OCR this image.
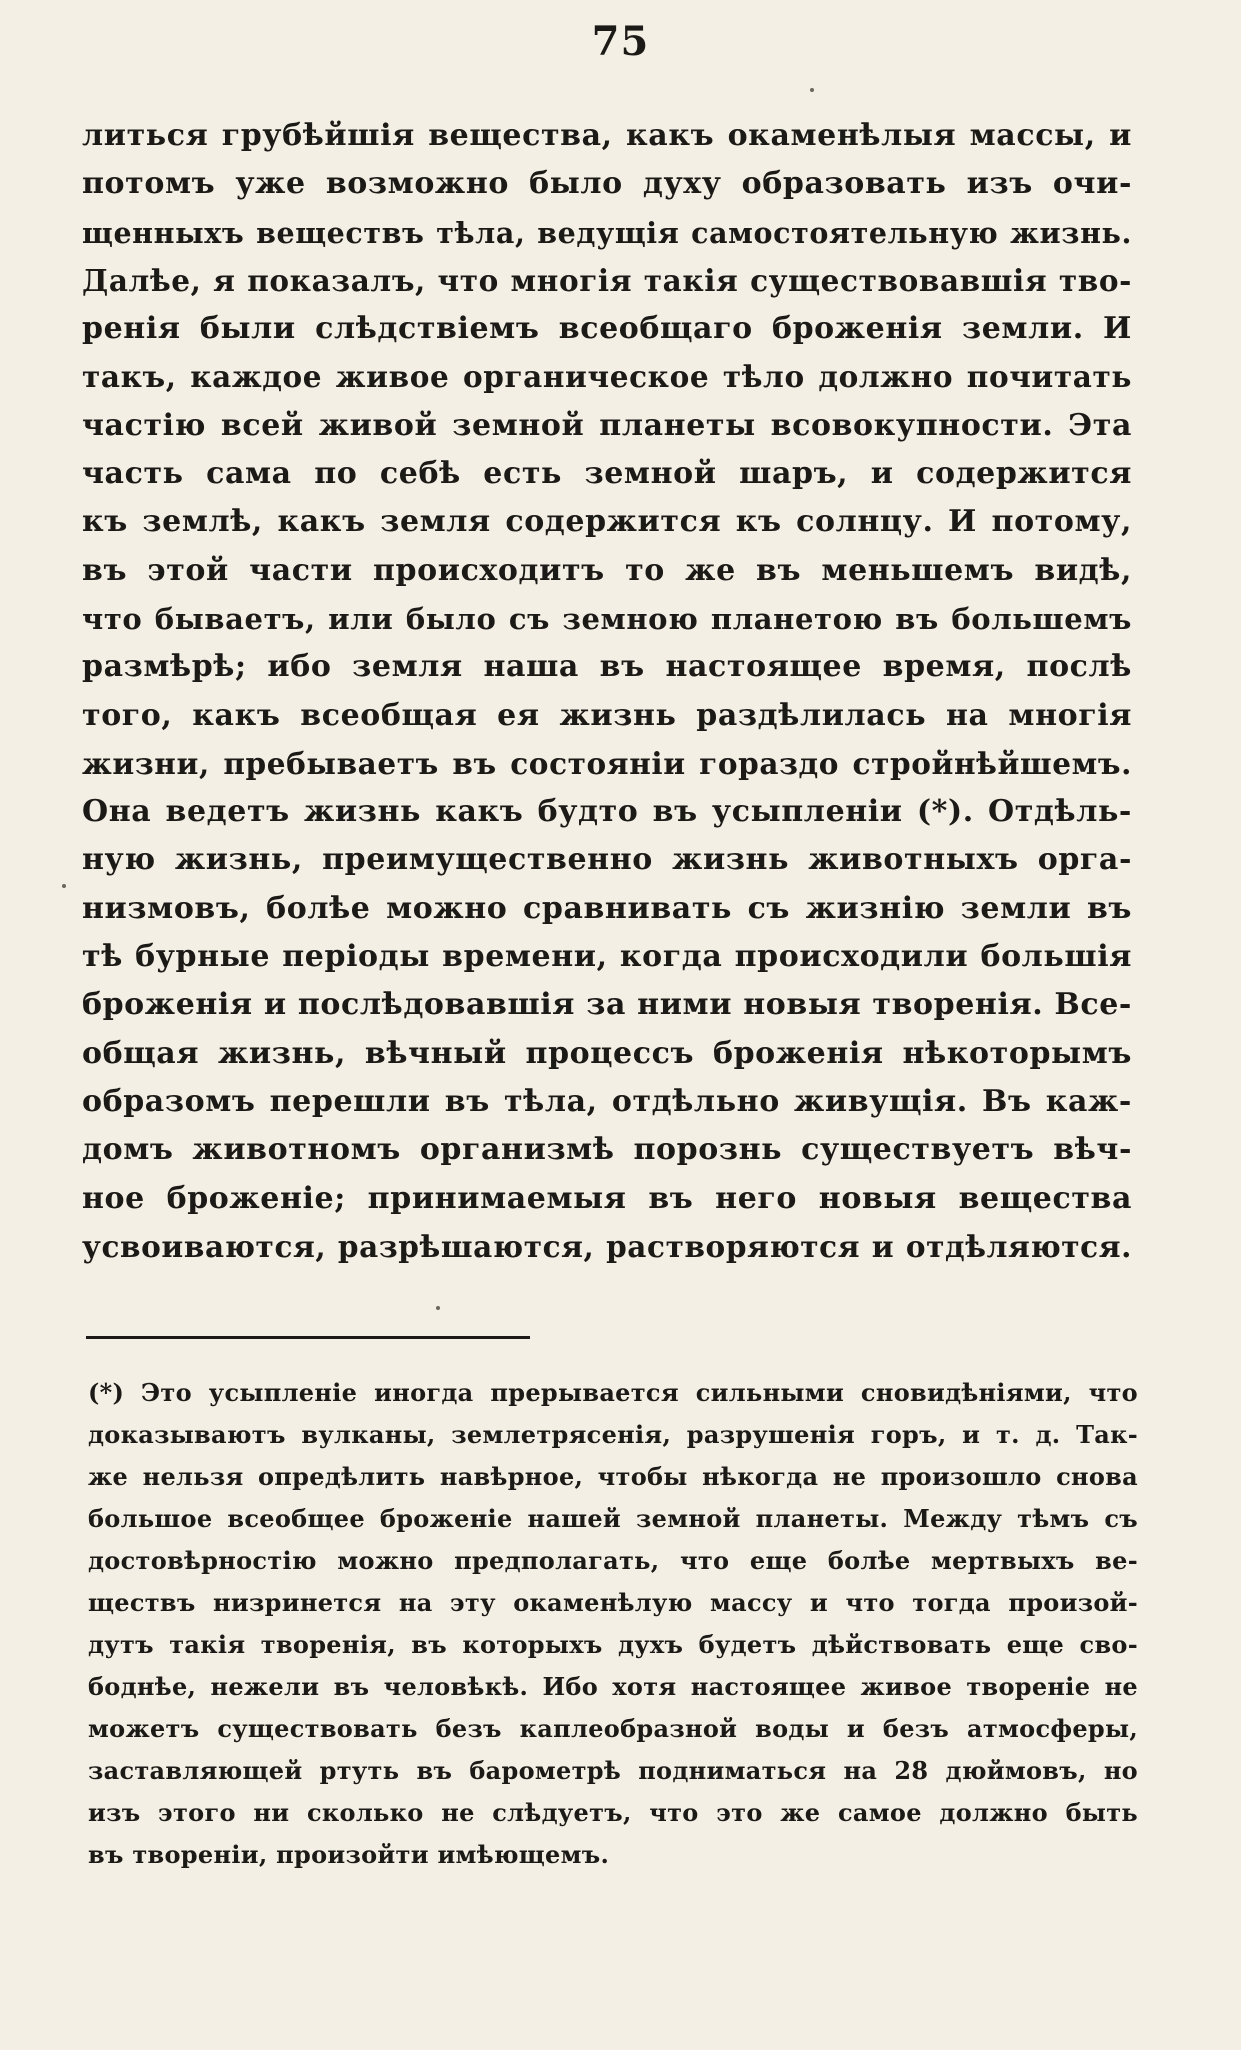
75
литься грубѣйшія вещества, какъ окаменѣлыя массы, и
потомъ уже возможно было духу образовать изъ очи-
щенныхъ веществъ тѣла, ведущія самостоятельную жизнь.
Далѣе, я показалъ, что многія такія существовавшія тво-
ренія были слѣдствіемъ всеобщаго броженія земли. И
такъ, каждое живое органическое тѣло должно почитать
частію всей живой земной планеты всовокупности. Эта
часть сама по себѣ есть земной шаръ, и содержится
къ землѣ, какъ земля содержится къ солнцу. И потому,
въ этой части происходитъ то же въ меньшемъ видѣ,
что бываетъ, или было съ земною планетою въ большемъ
размѣрѣ; ибо земля наша въ настоящее время, послѣ
того, какъ всеобщая ея жизнь раздѣлилась на многія
жизни, пребываетъ въ состояніи гораздо стройнѣйшемъ.
Она ведетъ жизнь какъ будто въ усыпленіи (*). Отдѣль-
ную жизнь, преимущественно жизнь животныхъ орга-
низмовъ, болѣе можно сравнивать съ жизнію земли въ
тѣ бурные періоды времени, когда происходили большія
броженія и послѣдовавшія за ними новыя творенія. Все-
общая жизнь, вѣчный процессъ броженія нѣкоторымъ
образомъ перешли въ тѣла, отдѣльно живущія. Въ каж-
домъ животномъ организмѣ порознь существуетъ вѣч-
ное броженіе; принимаемыя въ него новыя вещества
усвоиваются, разрѣшаются, растворяются и отдѣляются.
(*) Это усыпленіе иногда прерывается сильными сновидѣніями, что
доказываютъ вулканы, землетрясенія, разрушенія горъ, и т. д. Так-
же нельзя опредѣлить навѣрное, чтобы нѣкогда не произошло снова
большое всеобщее броженіе нашей земной планеты. Между тѣмъ съ
достовѣрностію можно предполагать, что еще болѣе мертвыхъ ве-
ществъ низринется на эту окаменѣлую массу и что тогда произой-
дутъ такія творенія, въ которыхъ духъ будетъ дѣйствовать еще сво-
боднѣе, нежели въ человѣкѣ. Ибо хотя настоящее живое твореніе не
можетъ существовать безъ каплеобразной воды и безъ атмосферы,
заставляющей ртуть въ барометрѣ подниматься на 28 дюймовъ, но
изъ этого ни сколько не слѣдуетъ, что это же самое должно быть
въ твореніи, произойти имѣющемъ.
